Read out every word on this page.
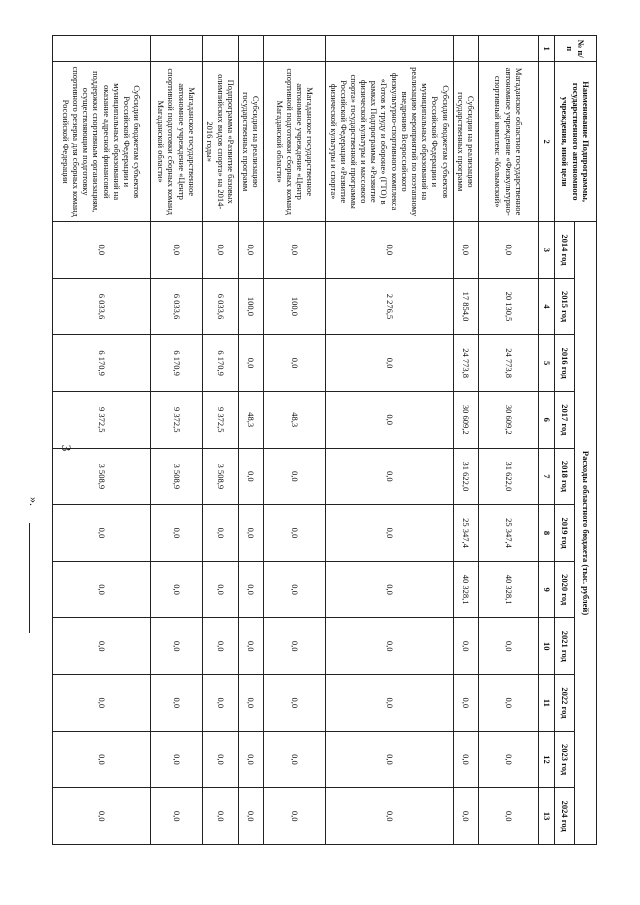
3
№ п/п	Наименование Подпрограммы, государственного автономного учреждения, иной цели	Расходы областного бюджета (тыс. рублей)										
		2014 год	2015 год	2016 год	2017 год	2018 год	2019 год	2020 год	2021 год	2022 год	2023 год	2024 год
1	2	3	4	5	6	7	8	9	10	11	12	13
	Магаданское областное государственное автономное учреждение «Физкультурно-спортивный комплекс «Колымский»	0,0	20 130,5	24 773,8	30 609,2	31 622,0	25 347,4	40 328,1	0,0	0,0	0,0	0,0
	Субсидии на реализацию государственных программ	0,0	17 854,0	24 773,8	30 609,2	31 622,0	25 347,4	40 328,1	0,0	0,0	0,0	0,0
	Субсидии бюджетам субъектов Российской Федерации и муниципальных образований на реализацию мероприятий по поэтапному внедрению Всероссийского физкультурно-спортивного комплекса «Готов к труду и обороне» (ГТО) в рамках Подпрограммы «Развитие физической культуры и массового спорта» государственной программы Российской Федерации «Развитие физической культуры и спорта»	0,0	2 276,5	0,0	0,0	0,0	0,0	0,0	0,0	0,0	0,0	0,0
	Магаданское государственное автономное учреждение «Центр спортивной подготовки сборных команд Магаданской области»	0,0	100,0	0,0	48,3	0,0	0,0	0,0	0,0	0,0	0,0	0,0
	Субсидии на реализацию государственных программ	0,0	100,0	0,0	48,3	0,0	0,0	0,0	0,0	0,0	0,0	0,0
	Подпрограмма «Развитие базовых олимпийских видов спорта» на 2014-2016 годы»	0,0	6 033,6	6 170,9	9 372,5	3 508,9	0,0	0,0	0,0	0,0	0,0	0,0
	Магаданское государственное автономное учреждение «Центр спортивной подготовки сборных команд Магаданской области»	0,0	6 033,6	6 170,9	9 372,5	3 508,9	0,0	0,0	0,0	0,0	0,0	0,0
	Субсидии бюджетам субъектов Российской Федерации и муниципальных образований на оказание адресной финансовой поддержки спортивным организациям, осуществляющим подготовку спортивного резерва для сборных команд Российской Федерации	0,0	6 033,6	6 170,9	9 372,5	3 508,9	0,0	0,0	0,0	0,0	0,0	0,0
».
